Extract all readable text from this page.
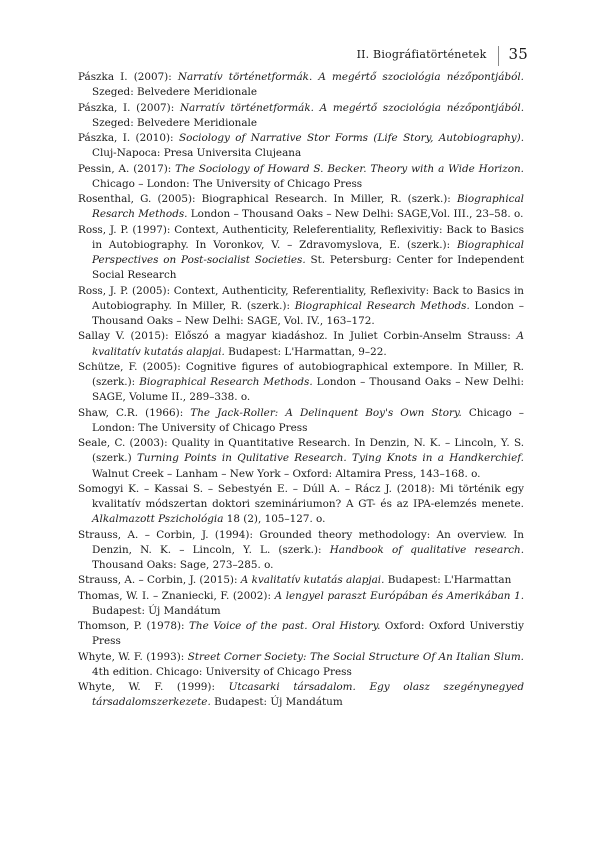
II. Biográfiatörténetek	35

Pászka I. (2007): Narratív történetformák. A megértő szociológia nézőpontjából. Szeged: Belvedere Meridionale

Pászka, I. (2007): Narratív történetformák. A megértő szociológia nézőpontjából. Szeged: Belvedere Meridionale

Pászka, I. (2010): Sociology of Narrative Stor Forms (Life Story, Autobiography). Cluj-Napoca: Presa Universita Clujeana

Pessin, A. (2017): The Sociology of Howard S. Becker. Theory with a Wide Horizon. Chicago – London: The University of Chicago Press

Rosenthal, G. (2005): Biographical Research. In Miller, R. (szerk.): Biographical Resarch Methods. London – Thousand Oaks – New Delhi: SAGE,Vol. III., 23–58. o.

Ross, J. P. (1997): Context, Authenticity, Releferentiality, Reflexivitiy: Back to Basics in Autobiography. In Voronkov, V. – Zdravomyslova, E. (szerk.): Biographical Perspectives on Post-socialist Societies. St. Petersburg: Center for Independent Social Research

Ross, J. P. (2005): Context, Authenticity, Referentiality, Reflexivity: Back to Basics in Autobiography. In Miller, R. (szerk.): Biographical Research Methods. London – Thousand Oaks – New Delhi: SAGE, Vol. IV., 163–172.

Sallay V. (2015): Előszó a magyar kiadáshoz. In Juliet Corbin-Anselm Strauss: A kvalitatív kutatás alapjai. Budapest: L'Harmattan, 9–22.

Schütze, F. (2005): Cognitive figures of autobiographical extempore. In Miller, R. (szerk.): Biographical Research Methods. London – Thousand Oaks – New Delhi: SAGE, Volume II., 289–338. o.

Shaw, C.R. (1966): The Jack-Roller: A Delinquent Boy's Own Story. Chicago – London: The University of Chicago Press

Seale, C. (2003): Quality in Quantitative Research. In Denzin, N. K. – Lincoln, Y. S. (szerk.) Turning Points in Qulitative Research. Tying Knots in a Handkerchief. Walnut Creek – Lanham – New York – Oxford: Altamira Press, 143–168. o.

Somogyi K. – Kassai S. – Sebestyén E. – Dúll A. – Rácz J. (2018): Mi történik egy kvalitatív módszertan doktori szemináriumon? A GT- és az IPA-elemzés menete. Alkalmazott Pszichológia 18 (2), 105–127. o.

Strauss, A. – Corbin, J. (1994): Grounded theory methodology: An overview. In Denzin, N. K. – Lincoln, Y. L. (szerk.): Handbook of qualitative research. Thousand Oaks: Sage, 273–285. o.

Strauss, A. – Corbin, J. (2015): A kvalitatív kutatás alapjai. Budapest: L'Harmattan

Thomas, W. I. – Znaniecki, F. (2002): A lengyel paraszt Európában és Amerikában 1. Budapest: Új Mandátum

Thomson, P. (1978): The Voice of the past. Oral History. Oxford: Oxford Universtiy Press

Whyte, W. F. (1993): Street Corner Society: The Social Structure Of An Italian Slum. 4th edition. Chicago: University of Chicago Press

Whyte, W. F. (1999): Utcasarki társadalom. Egy olasz szegénynegyed társadalomszerkezete. Budapest: Új Mandátum
